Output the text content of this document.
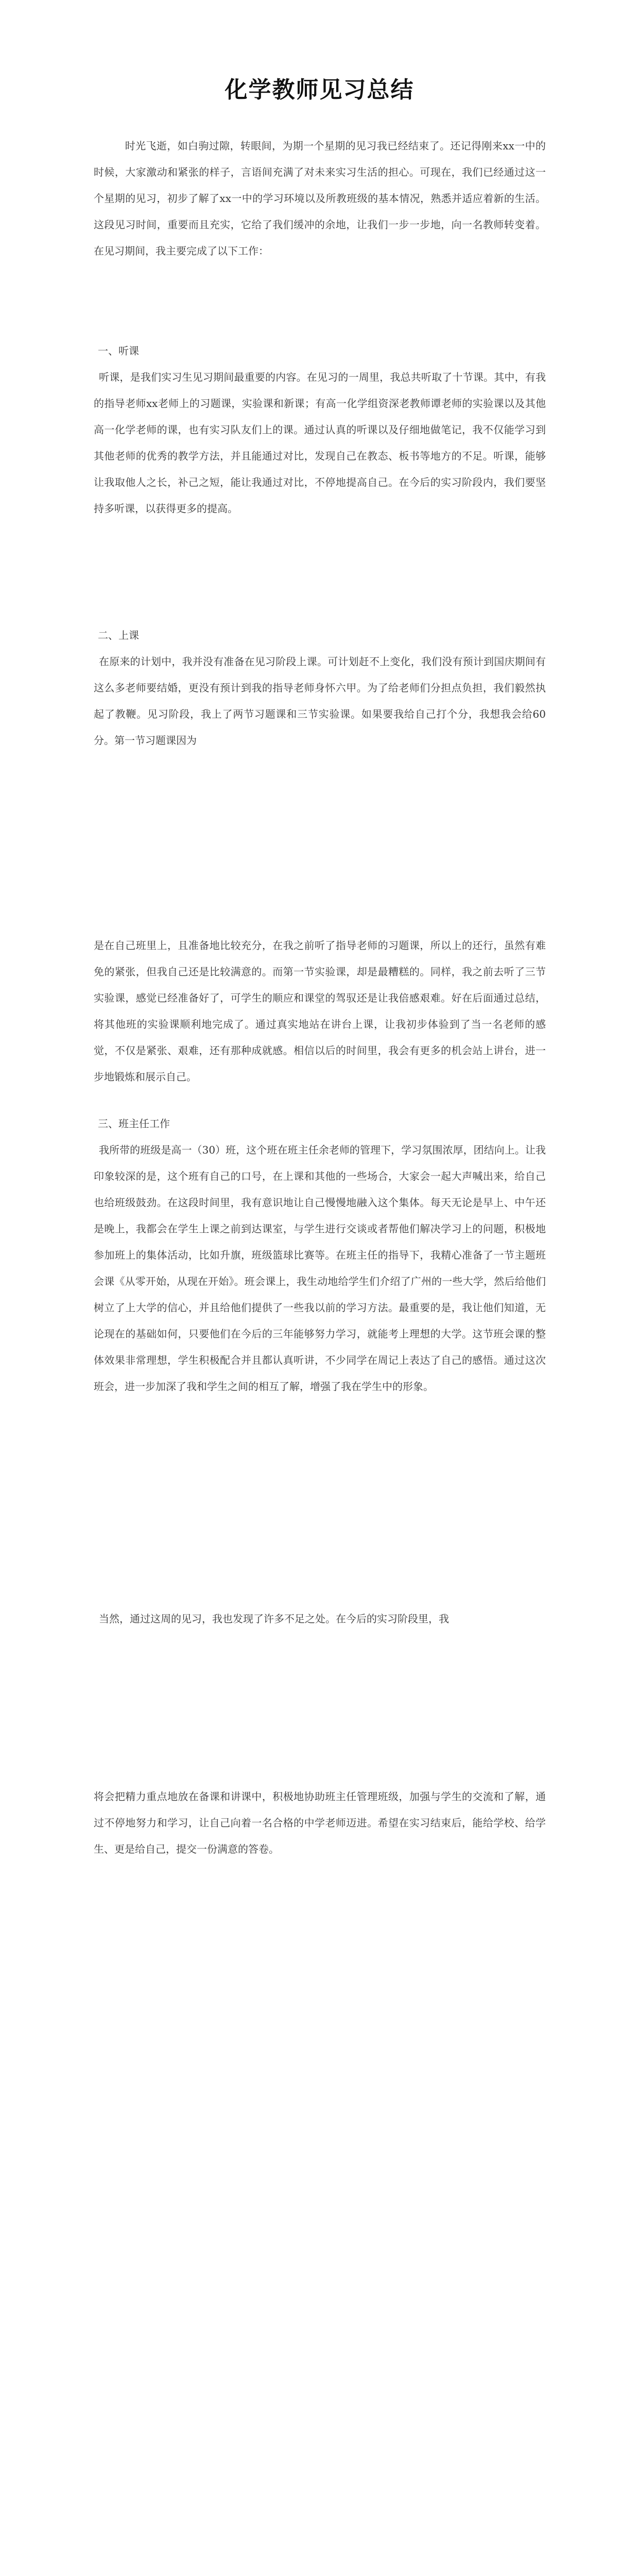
化学教师见习总结

　　时光飞逝，如白驹过隙，转眼间，为期一个星期的见习我已经结束了。还记得刚来xx一中的时候，大家激动和紧张的样子，言语间充满了对未来实习生活的担心。可现在，我们已经通过这一个星期的见习，初步了解了xx一中的学习环境以及所教班级的基本情况，熟悉并适应着新的生活。这段见习时间，重要而且充实，它给了我们缓冲的余地，让我们一步一步地，向一名教师转变着。在见习期间，我主要完成了以下工作：

一、听课

听课，是我们实习生见习期间最重要的内容。在见习的一周里，我总共听取了十节课。其中，有我的指导老师xx老师上的习题课，实验课和新课；有高一化学组资深老教师谭老师的实验课以及其他高一化学老师的课，也有实习队友们上的课。通过认真的听课以及仔细地做笔记，我不仅能学习到其他老师的优秀的教学方法，并且能通过对比，发现自己在教态、板书等地方的不足。听课，能够让我取他人之长，补己之短，能让我通过对比，不停地提高自己。在今后的实习阶段内，我们要坚持多听课，以获得更多的提高。

二、上课

在原来的计划中，我并没有准备在见习阶段上课。可计划赶不上变化，我们没有预计到国庆期间有这么多老师要结婚，更没有预计到我的指导老师身怀六甲。为了给老师们分担点负担，我们毅然执起了教鞭。见习阶段，我上了两节习题课和三节实验课。如果要我给自己打个分，我想我会给60分。第一节习题课因为

是在自己班里上，且准备地比较充分，在我之前听了指导老师的习题课，所以上的还行，虽然有难免的紧张，但我自己还是比较满意的。而第一节实验课，却是最糟糕的。同样，我之前去听了三节实验课，感觉已经准备好了，可学生的顺应和课堂的驾驭还是让我倍感艰难。好在后面通过总结，将其他班的实验课顺利地完成了。通过真实地站在讲台上课，让我初步体验到了当一名老师的感觉，不仅是紧张、艰难，还有那种成就感。相信以后的时间里，我会有更多的机会站上讲台，进一步地锻炼和展示自己。

三、班主任工作

我所带的班级是高一（30）班，这个班在班主任余老师的管理下，学习氛围浓厚，团结向上。让我印象较深的是，这个班有自己的口号，在上课和其他的一些场合，大家会一起大声喊出来，给自己也给班级鼓劲。在这段时间里，我有意识地让自己慢慢地融入这个集体。每天无论是早上、中午还是晚上，我都会在学生上课之前到达课室，与学生进行交谈或者帮他们解决学习上的问题，积极地参加班上的集体活动，比如升旗，班级篮球比赛等。在班主任的指导下，我精心准备了一节主题班会课《从零开始，从现在开始》。班会课上，我生动地给学生们介绍了广州的一些大学，然后给他们树立了上大学的信心，并且给他们提供了一些我以前的学习方法。最重要的是，我让他们知道，无论现在的基础如何，只要他们在今后的三年能够努力学习，就能考上理想的大学。这节班会课的整体效果非常理想，学生积极配合并且都认真听讲，不少同学在周记上表达了自己的感悟。通过这次班会，进一步加深了我和学生之间的相互了解，增强了我在学生中的形象。

当然，通过这周的见习，我也发现了许多不足之处。在今后的实习阶段里，我

将会把精力重点地放在备课和讲课中，积极地协助班主任管理班级，加强与学生的交流和了解，通过不停地努力和学习，让自己向着一名合格的中学老师迈进。希望在实习结束后，能给学校、给学生、更是给自己，提交一份满意的答卷。
